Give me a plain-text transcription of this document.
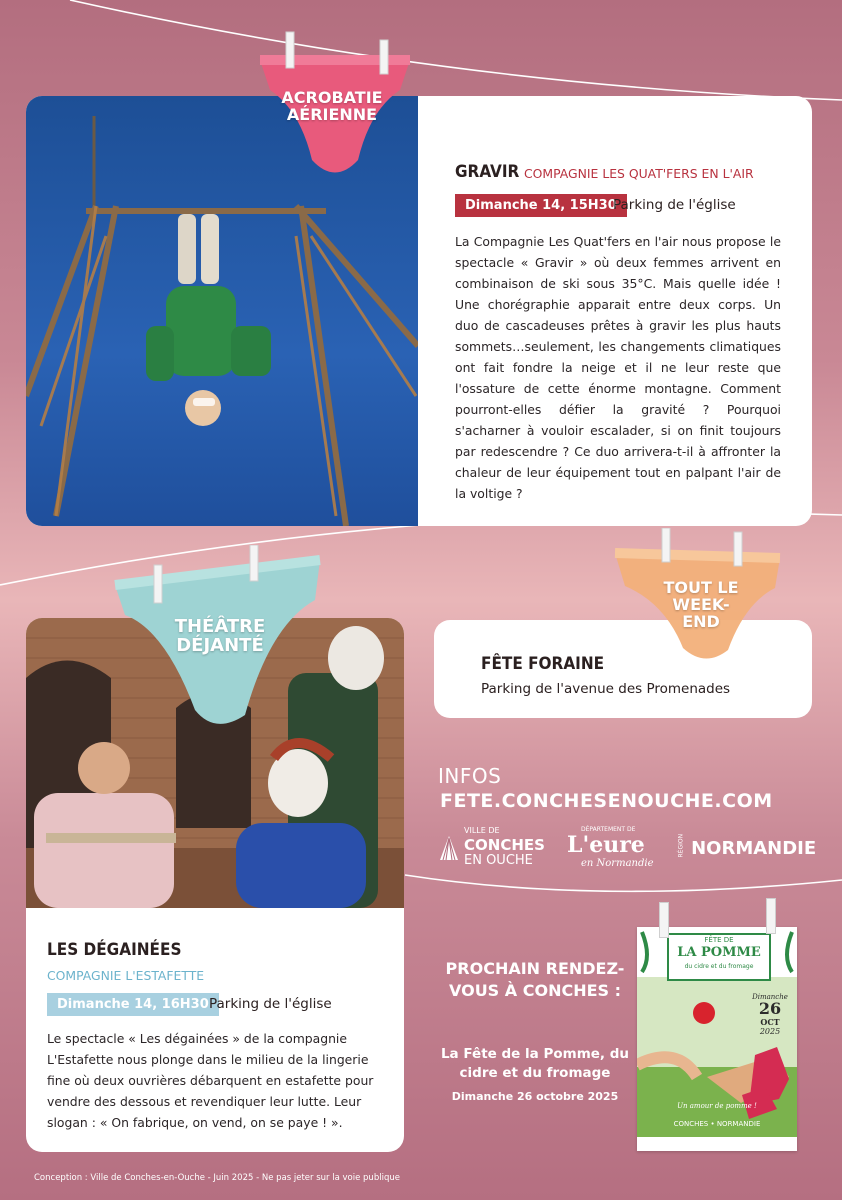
ACROBATIE AÉRIENNE
GRAVIR COMPAGNIE LES QUAT'FERS EN L'AIR
Dimanche 14, 15H30
Parking de l'église
La Compagnie Les Quat'fers en l'air nous propose le spectacle « Gravir » où deux femmes arrivent en combinaison de ski sous 35°C. Mais quelle idée ! Une chorégraphie apparait entre deux corps. Un duo de cascadeuses prêtes à gravir les plus hauts sommets…seulement, les changements climatiques ont fait fondre la neige et il ne leur reste que l'ossature de cette énorme montagne. Comment pourront-elles défier la gravité ? Pourquoi s'acharner à vouloir escalader, si on finit toujours par redescendre ? Ce duo arrivera-t-il à affronter la chaleur de leur équipement tout en palpant l'air de la voltige ?
THÉÂTRE DÉJANTÉ
LES DÉGAINÉES
COMPAGNIE L'ESTAFETTE
Dimanche 14, 16H30 Parking de l'église
Le spectacle « Les dégainées » de la compagnie L'Estafette nous plonge dans le milieu de la lingerie fine où deux ouvrières débarquent en estafette pour vendre des dessous et revendiquer leur lutte. Leur slogan : « On fabrique, on vend, on se paye ! ».
FÊTE FORAINE
Parking de l'avenue des Promenades
TOUT LE WEEK-END
INFOS FETE.CONCHESENOUCHE.COM
VILLE DE
CONCHES
EN OUCHE
DÉPARTEMENT DE
L'eure
en Normandie
RÉGION NORMANDIE
PROCHAIN RENDEZ-VOUS À CONCHES :
La Fête de la Pomme, du cidre et du fromage
Dimanche 26 octobre 2025
FÊTE DE
LA POMME
du cidre et du fromage
Dimanche
26
OCT
2025
Un amour de pomme !
CONCHES • NORMANDIE
Conception : Ville de Conches-en-Ouche - Juin 2025 - Ne pas jeter sur la voie publique
